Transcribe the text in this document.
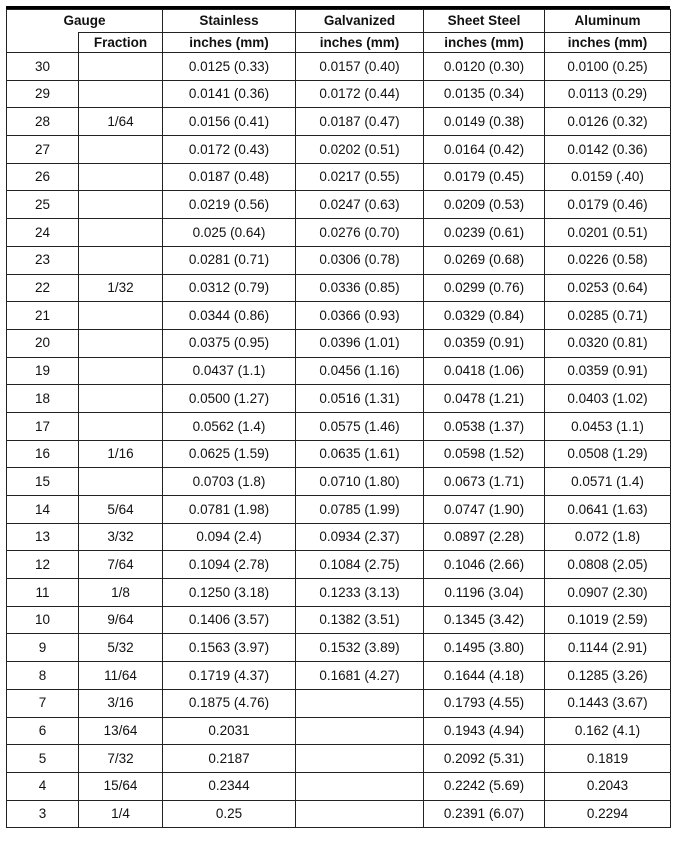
Gauge		Stainless	Galvanized	Sheet Steel	Aluminum
	Fraction	inches (mm)	inches (mm)	inches (mm)	inches (mm)
30		0.0125 (0.33)	0.0157 (0.40)	0.0120 (0.30)	0.0100 (0.25)
29		0.0141 (0.36)	0.0172 (0.44)	0.0135 (0.34)	0.0113 (0.29)
28	1/64	0.0156 (0.41)	0.0187 (0.47)	0.0149 (0.38)	0.0126 (0.32)
27		0.0172 (0.43)	0.0202 (0.51)	0.0164 (0.42)	0.0142 (0.36)
26		0.0187 (0.48)	0.0217 (0.55)	0.0179 (0.45)	0.0159 (.40)
25		0.0219 (0.56)	0.0247 (0.63)	0.0209 (0.53)	0.0179 (0.46)
24		0.025 (0.64)	0.0276 (0.70)	0.0239 (0.61)	0.0201 (0.51)
23		0.0281 (0.71)	0.0306 (0.78)	0.0269 (0.68)	0.0226 (0.58)
22	1/32	0.0312 (0.79)	0.0336 (0.85)	0.0299 (0.76)	0.0253 (0.64)
21		0.0344 (0.86)	0.0366 (0.93)	0.0329 (0.84)	0.0285 (0.71)
20		0.0375 (0.95)	0.0396 (1.01)	0.0359 (0.91)	0.0320 (0.81)
19		0.0437 (1.1)	0.0456 (1.16)	0.0418 (1.06)	0.0359 (0.91)
18		0.0500 (1.27)	0.0516 (1.31)	0.0478 (1.21)	0.0403 (1.02)
17		0.0562 (1.4)	0.0575 (1.46)	0.0538 (1.37)	0.0453 (1.1)
16	1/16	0.0625 (1.59)	0.0635 (1.61)	0.0598 (1.52)	0.0508 (1.29)
15		0.0703 (1.8)	0.0710 (1.80)	0.0673 (1.71)	0.0571 (1.4)
14	5/64	0.0781 (1.98)	0.0785 (1.99)	0.0747 (1.90)	0.0641 (1.63)
13	3/32	0.094 (2.4)	0.0934 (2.37)	0.0897 (2.28)	0.072 (1.8)
12	7/64	0.1094 (2.78)	0.1084 (2.75)	0.1046 (2.66)	0.0808 (2.05)
11	1/8	0.1250 (3.18)	0.1233 (3.13)	0.1196 (3.04)	0.0907 (2.30)
10	9/64	0.1406 (3.57)	0.1382 (3.51)	0.1345 (3.42)	0.1019 (2.59)
9	5/32	0.1563 (3.97)	0.1532 (3.89)	0.1495 (3.80)	0.1144 (2.91)
8	11/64	0.1719 (4.37)	0.1681 (4.27)	0.1644 (4.18)	0.1285 (3.26)
7	3/16	0.1875 (4.76)		0.1793 (4.55)	0.1443 (3.67)
6	13/64	0.2031		0.1943 (4.94)	0.162 (4.1)
5	7/32	0.2187		0.2092 (5.31)	0.1819
4	15/64	0.2344		0.2242 (5.69)	0.2043
3	1/4	0.25		0.2391 (6.07)	0.2294
